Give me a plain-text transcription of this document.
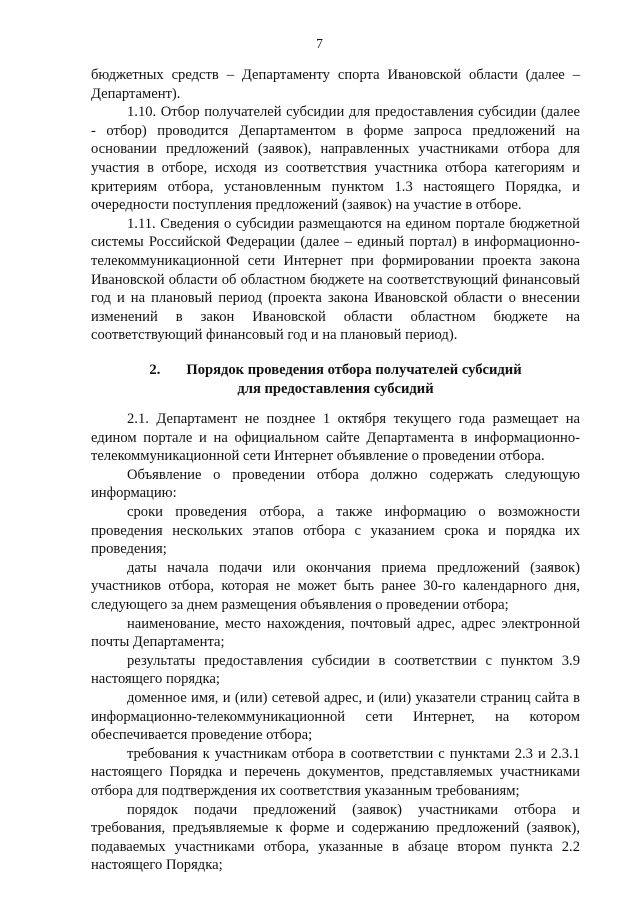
7

бюджетных средств – Департаменту спорта Ивановской области (далее – Департамент).

1.10. Отбор получателей субсидии для предоставления субсидии (далее - отбор) проводится Департаментом в форме запроса предложений на основании предложений (заявок), направленных участниками отбора для участия в отборе, исходя из соответствия участника отбора категориям и критериям отбора, установленным пунктом 1.3 настоящего Порядка, и очередности поступления предложений (заявок) на участие в отборе.

1.11. Сведения о субсидии размещаются на едином портале бюджетной системы Российской Федерации (далее – единый портал) в информационно-телекоммуникационной сети Интернет при формировании проекта закона Ивановской области об областном бюджете на соответствующий финансовый год и на плановый период (проекта закона Ивановской области о внесении изменений в закон Ивановской области областном бюджете на соответствующий финансовый год и на плановый период).

2. Порядок проведения отбора получателей субсидий
для предоставления субсидий

2.1. Департамент не позднее 1 октября текущего года размещает на едином портале и на официальном сайте Департамента в информационно-телекоммуникационной сети Интернет объявление о проведении отбора.

Объявление о проведении отбора должно содержать следующую информацию:

сроки проведения отбора, а также информацию о возможности проведения нескольких этапов отбора с указанием срока и порядка их проведения;

даты начала подачи или окончания приема предложений (заявок) участников отбора, которая не может быть ранее 30-го календарного дня, следующего за днем размещения объявления о проведении отбора;

наименование, место нахождения, почтовый адрес, адрес электронной почты Департамента;

результаты предоставления субсидии в соответствии с пунктом 3.9 настоящего порядка;

доменное имя, и (или) сетевой адрес, и (или) указатели страниц сайта в информационно-телекоммуникационной сети Интернет, на котором обеспечивается проведение отбора;

требования к участникам отбора в соответствии с пунктами 2.3 и 2.3.1 настоящего Порядка и перечень документов, представляемых участниками отбора для подтверждения их соответствия указанным требованиям;

порядок подачи предложений (заявок) участниками отбора и требования, предъявляемые к форме и содержанию предложений (заявок), подаваемых участниками отбора, указанные в абзаце втором пункта 2.2 настоящего Порядка;
